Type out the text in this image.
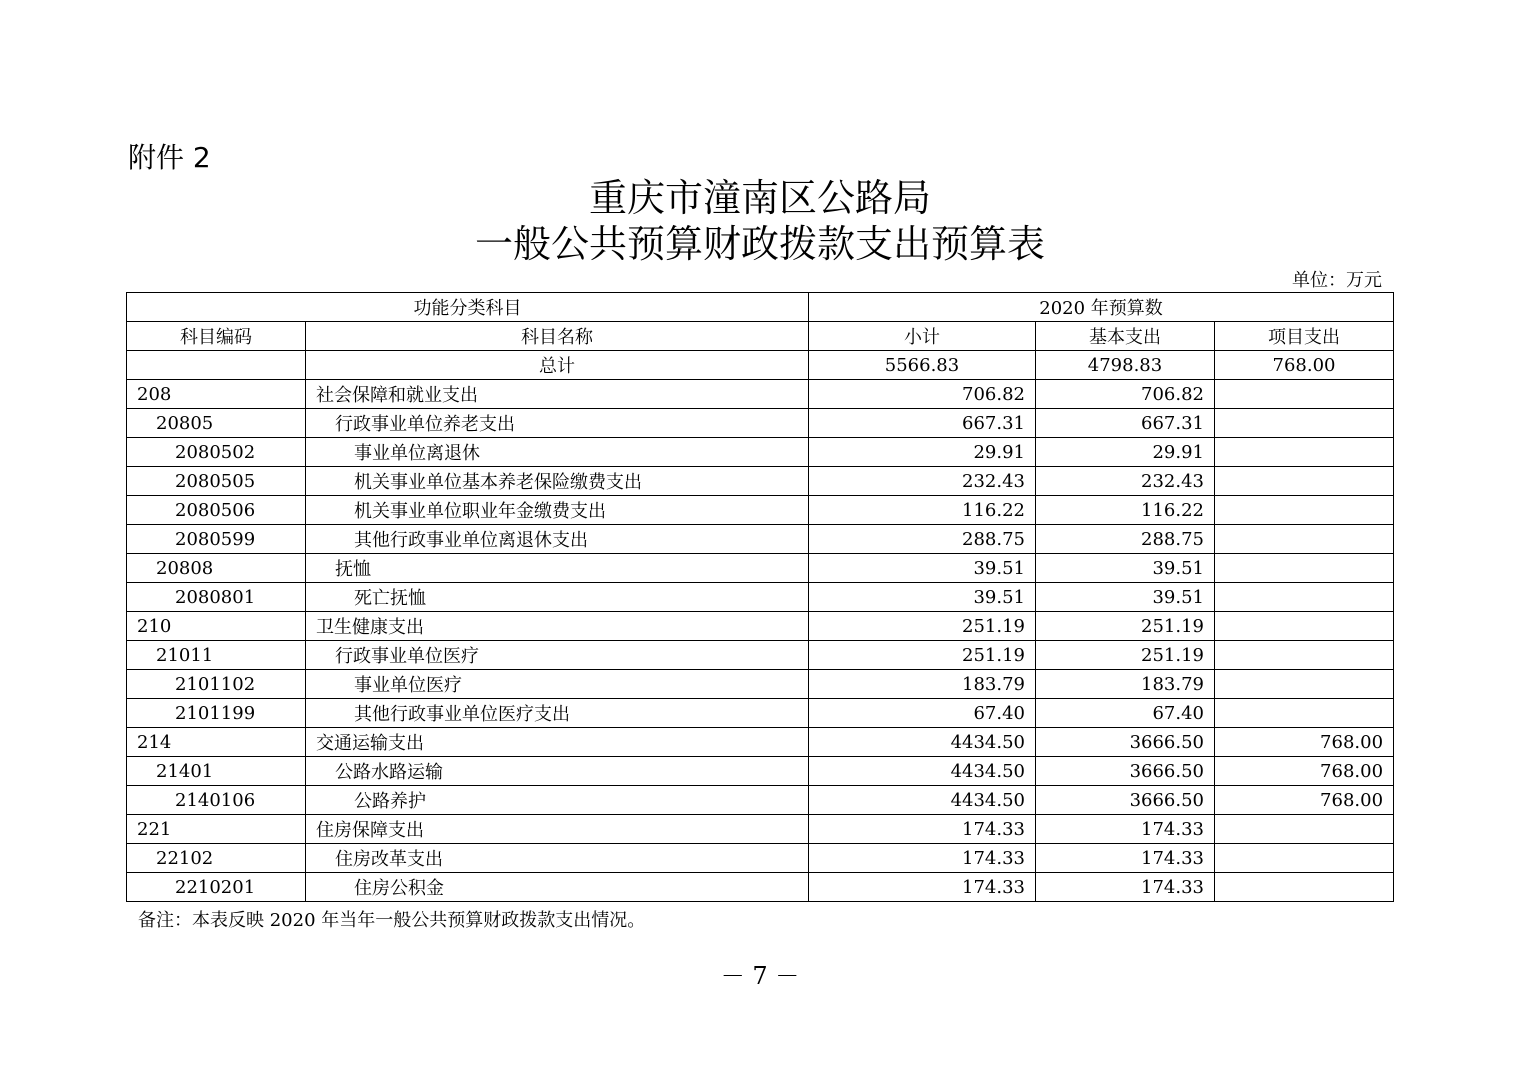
附件 2
重庆市潼南区公路局
一般公共预算财政拨款支出预算表
单位：万元
功能分类科目		2020 年预算数		
科目编码	科目名称	小计	基本支出	项目支出
	总计	5566.83	4798.83	768.00
208	社会保障和就业支出	706.82	706.82	
20805	行政事业单位养老支出	667.31	667.31	
2080502	事业单位离退休	29.91	29.91	
2080505	机关事业单位基本养老保险缴费支出	232.43	232.43	
2080506	机关事业单位职业年金缴费支出	116.22	116.22	
2080599	其他行政事业单位离退休支出	288.75	288.75	
20808	抚恤	39.51	39.51	
2080801	死亡抚恤	39.51	39.51	
210	卫生健康支出	251.19	251.19	
21011	行政事业单位医疗	251.19	251.19	
2101102	事业单位医疗	183.79	183.79	
2101199	其他行政事业单位医疗支出	67.40	67.40	
214	交通运输支出	4434.50	3666.50	768.00
21401	公路水路运输	4434.50	3666.50	768.00
2140106	公路养护	4434.50	3666.50	768.00
221	住房保障支出	174.33	174.33	
22102	住房改革支出	174.33	174.33	
2210201	住房公积金	174.33	174.33	
备注：本表反映 2020 年当年一般公共预算财政拨款支出情况。
－ 7 －
